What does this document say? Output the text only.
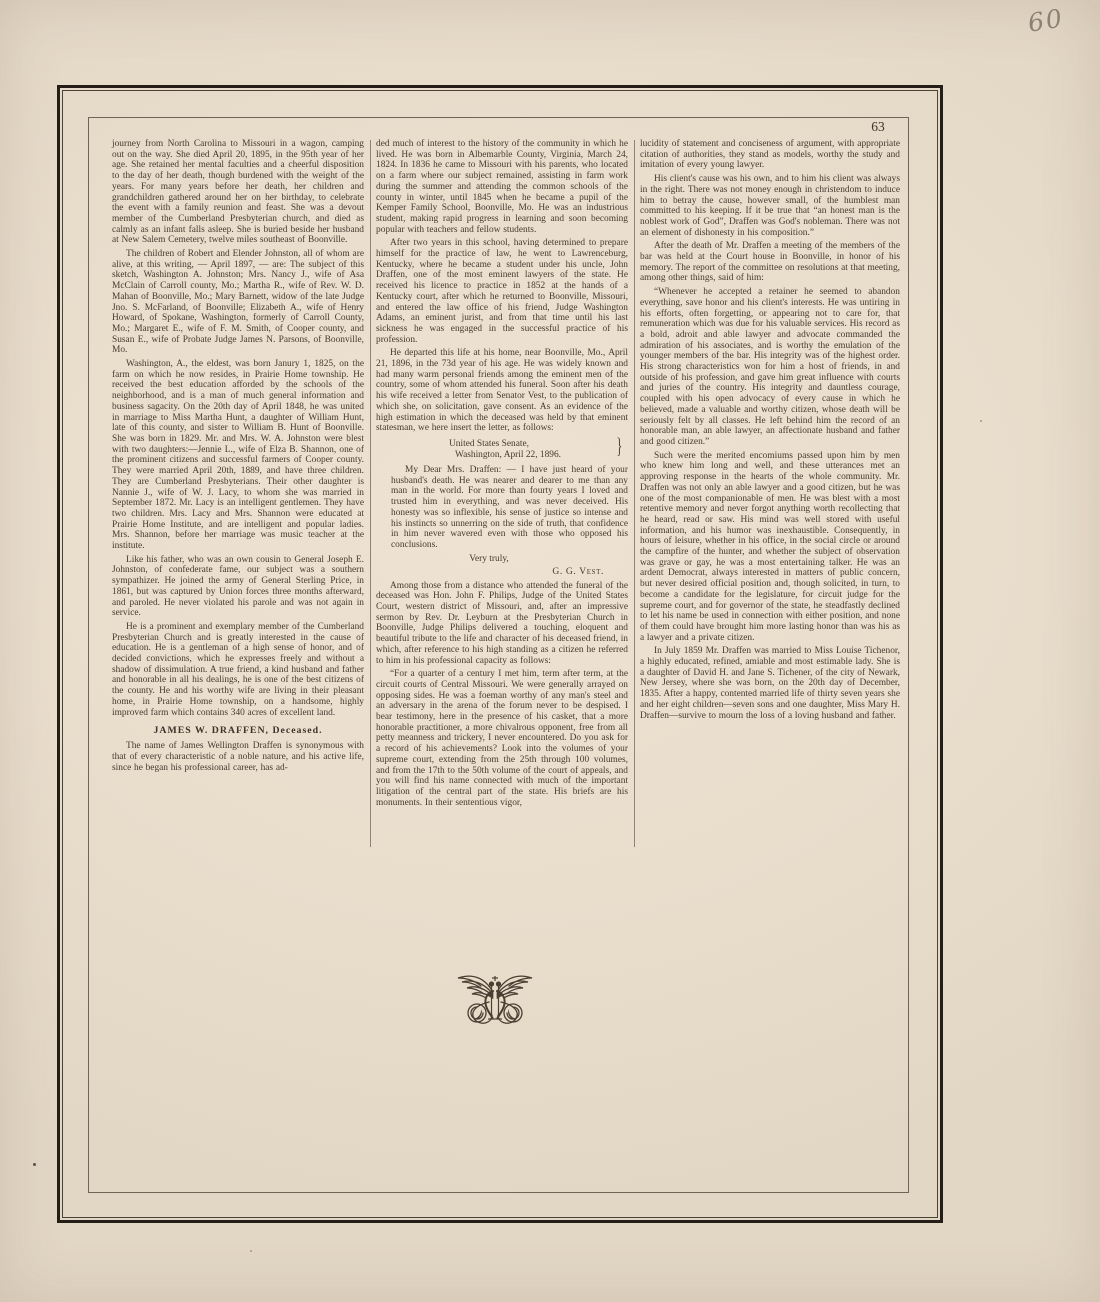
60
63

journey from North Carolina to Missouri in a wagon, camping out on the way. She died April 20, 1895, in the 95th year of her age. She retained her mental faculties and a cheerful disposition to the day of her death, though burdened with the weight of the years. For many years before her death, her children and grandchildren gathered around her on her birthday, to celebrate the event with a family reunion and feast. She was a devout member of the Cumberland Presbyterian church, and died as calmly as an infant falls asleep. She is buried beside her husband at New Salem Cemetery, twelve miles southeast of Boonville.

The children of Robert and Elender Johnston, all of whom are alive, at this writing, — April 1897, — are: The subject of this sketch, Washington A. Johnston; Mrs. Nancy J., wife of Asa McClain of Carroll county, Mo.; Martha R., wife of Rev. W. D. Mahan of Boonville, Mo.; Mary Barnett, widow of the late Judge Jno. S. McFarland, of Boonville; Elizabeth A., wife of Henry Howard, of Spokane, Washington, formerly of Carroll County, Mo.; Margaret E., wife of F. M. Smith, of Cooper county, and Susan E., wife of Probate Judge James N. Parsons, of Boonville, Mo.

Washington, A., the eldest, was born Janury 1, 1825, on the farm on which he now resides, in Prairie Home township. He received the best education afforded by the schools of the neighborhood, and is a man of much general information and business sagacity. On the 20th day of April 1848, he was united in marriage to Miss Martha Hunt, a daughter of William Hunt, late of this county, and sister to William B. Hunt of Boonville. She was born in 1829. Mr. and Mrs. W. A. Johnston were blest with two daughters:—Jennie L., wife of Elza B. Shannon, one of the prominent citizens and successful farmers of Cooper county. They were married April 20th, 1889, and have three children. They are Cumberland Presbyterians. Their other daughter is Nannie J., wife of W. J. Lacy, to whom she was married in September 1872. Mr. Lacy is an intelligent gentlemen. They have two children. Mrs. Lacy and Mrs. Shannon were educated at Prairie Home Institute, and are intelligent and popular ladies. Mrs. Shannon, before her marriage was music teacher at the institute.

Like his father, who was an own cousin to General Joseph E. Johnston, of confederate fame, our subject was a southern sympathizer. He joined the army of General Sterling Price, in 1861, but was captured by Union forces three months afterward, and paroled. He never violated his parole and was not again in service.

He is a prominent and exemplary member of the Cumberland Presbyterian Church and is greatly interested in the cause of education. He is a gentleman of a high sense of honor, and of decided convictions, which he expresses freely and without a shadow of dissimulation. A true friend, a kind husband and father and honorable in all his dealings, he is one of the best citizens of the county. He and his worthy wife are living in their pleasant home, in Prairie Home township, on a handsome, highly improved farm which contains 340 acres of excellent land.

JAMES W. DRAFFEN, Deceased.

The name of James Wellington Draffen is synonymous with that of every characteristic of a noble nature, and his active life, since he began his professional career, has ad-

ded much of interest to the history of the community in which he lived. He was born in Albemarble County, Virginia, March 24, 1824. In 1836 he came to Missouri with his parents, who located on a farm where our subject remained, assisting in farm work during the summer and attending the common schools of the county in winter, until 1845 when he became a pupil of the Kemper Family School, Boonville, Mo. He was an industrious student, making rapid progress in learning and soon becoming popular with teachers and fellow students.

After two years in this school, having determined to prepare himself for the practice of law, he went to Lawrenceburg, Kentucky, where he became a student under his uncle, John Draffen, one of the most eminent lawyers of the state. He received his licence to practice in 1852 at the hands of a Kentucky court, after which he returned to Boonville, Missouri, and entered the law office of his friend, Judge Washington Adams, an eminent jurist, and from that time until his last sickness he was engaged in the successful practice of his profession.

He departed this life at his home, near Boonville, Mo., April 21, 1896, in the 73d year of his age. He was widely known and had many warm personal friends among the eminent men of the country, some of whom attended his funeral. Soon after his death his wife received a letter from Senator Vest, to the publication of which she, on solicitation, gave consent. As an evidence of the high estimation in which the deceased was held by that eminent statesman, we here insert the letter, as follows:

United States Senate,
Washington, April 22, 1896.	}

My Dear Mrs. Draffen: — I have just heard of your husband's death. He was nearer and dearer to me than any man in the world. For more than fourty years I loved and trusted him in everything, and was never deceived. His honesty was so inflexible, his sense of justice so intense and his instincts so unnerring on the side of truth, that confidence in him never wavered even with those who opposed his conclusions.

Very truly,
G. G. Vest.

Among those from a distance who attended the funeral of the deceased was Hon. John F. Philips, Judge of the United States Court, western district of Missouri, and, after an impressive sermon by Rev. Dr. Leyburn at the Presbyterian Church in Boonville, Judge Philips delivered a touching, eloquent and beautiful tribute to the life and character of his deceased friend, in which, after reference to his high standing as a citizen he referred to him in his professional capacity as follows:

“For a quarter of a century I met him, term after term, at the circuit courts of Central Missouri. We were generally arrayed on opposing sides. He was a foeman worthy of any man's steel and an adversary in the arena of the forum never to be despised. I bear testimony, here in the presence of his casket, that a more honorable practitioner, a more chivalrous opponent, free from all petty meanness and trickery, I never encountered. Do you ask for a record of his achievements? Look into the volumes of your supreme court, extending from the 25th through 100 volumes, and from the 17th to the 50th volume of the court of appeals, and you will find his name connected with much of the important litigation of the central part of the state. His briefs are his monuments. In their sententious vigor,

lucidity of statement and conciseness of argument, with appropriate citation of authorities, they stand as models, worthy the study and imitation of every young lawyer.

His client's cause was his own, and to him his client was always in the right. There was not money enough in christendom to induce him to betray the cause, however small, of the humblest man committed to his keeping. If it be true that “an honest man is the noblest work of God”, Draffen was God's nobleman. There was not an element of dishonesty in his composition.”

After the death of Mr. Draffen a meeting of the members of the bar was held at the Court house in Boonville, in honor of his memory. The report of the committee on resolutions at that meeting, among other things, said of him:

“Whenever he accepted a retainer he seemed to abandon everything, save honor and his client's interests. He was untiring in his efforts, often forgetting, or appearing not to care for, that remuneration which was due for his valuable services. His record as a bold, adroit and able lawyer and advocate commanded the admiration of his associates, and is worthy the emulation of the younger members of the bar. His integrity was of the highest order. His strong characteristics won for him a host of friends, in and outside of his profession, and gave him great influence with courts and juries of the country. His integrity and dauntless courage, coupled with his open advocacy of every cause in which he believed, made a valuable and worthy citizen, whose death will be seriously felt by all classes. He left behind him the record of an honorable man, an able lawyer, an affectionate husband and father and good citizen.”

Such were the merited encomiums passed upon him by men who knew him long and well, and these utterances met an approving response in the hearts of the whole community. Mr. Draffen was not only an able lawyer and a good citizen, but he was one of the most companionable of men. He was blest with a most retentive memory and never forgot anything worth recollecting that he heard, read or saw. His mind was well stored with useful information, and his humor was inexhaustible. Consequently, in hours of leisure, whether in his office, in the social circle or around the campfire of the hunter, and whether the subject of observation was grave or gay, he was a most entertaining talker. He was an ardent Democrat, always interested in matters of public concern, but never desired official position and, though solicited, in turn, to become a candidate for the legislature, for circuit judge for the supreme court, and for governor of the state, he steadfastly declined to let his name be used in connection with either position, and none of them could have brought him more lasting honor than was his as a lawyer and a private citizen.

In July 1859 Mr. Draffen was married to Miss Louise Tichenor, a highly educated, refined, amiable and most estimable lady. She is a daughter of David H. and Jane S. Tichener, of the city of Newark, New Jersey, where she was born, on the 20th day of December, 1835. After a happy, contented married life of thirty seven years she and her eight children—seven sons and one daughter, Miss Mary H. Draffen—survive to mourn the loss of a loving husband and father.
